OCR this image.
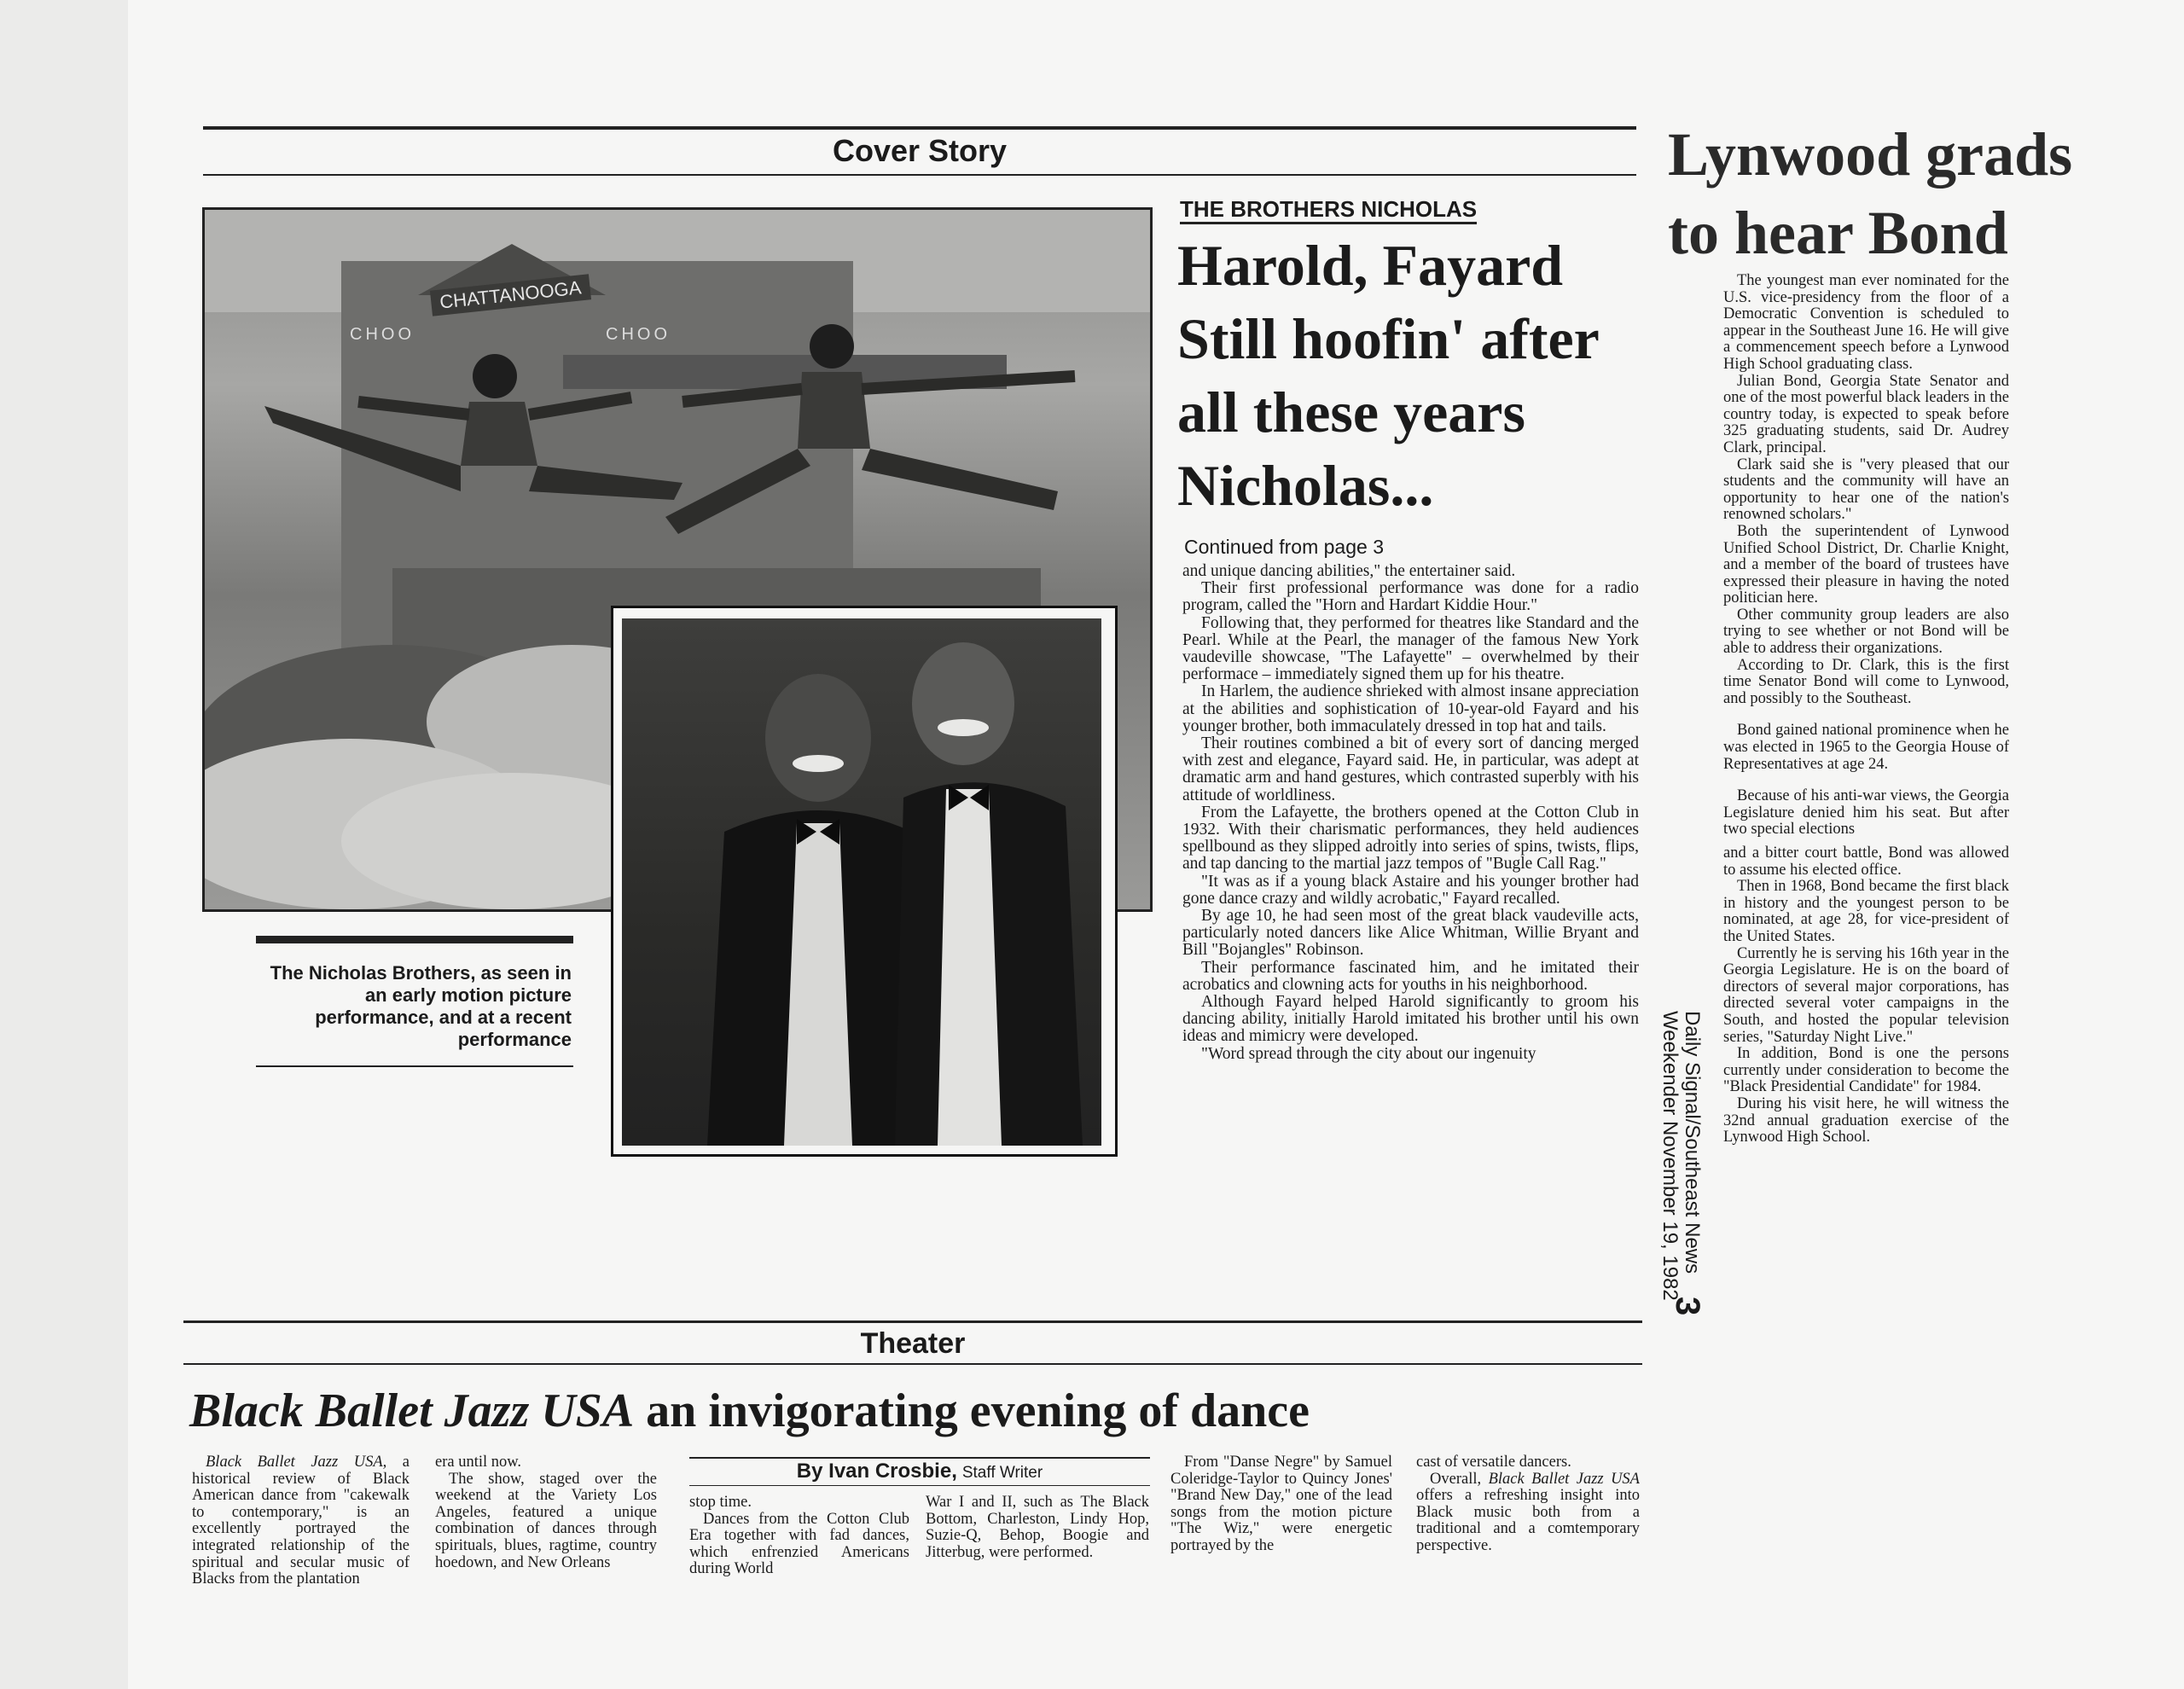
Cover Story
CHATTANOOGA
CHOO	CHOO
The Nicholas Brothers, as seen in an early motion picture performance, and at a recent performance
THE BROTHERS NICHOLAS
Harold, Fayard
Still hoofin' after
all these years
Nicholas...
Continued from page 3

and unique dancing abilities," the entertainer said.

Their first professional performance was done for a radio program, called the "Horn and Hardart Kiddie Hour."

Following that, they performed for theatres like Standard and the Pearl. While at the Pearl, the manager of the famous New York vaudeville showcase, "The Lafayette" – overwhelmed by their performace – immediately signed them up for his theatre.

In Harlem, the audience shrieked with almost insane appreciation at the abilities and sophistication of 10-year-old Fayard and his younger brother, both immaculately dressed in top hat and tails.

Their routines combined a bit of every sort of dancing merged with zest and elegance, Fayard said. He, in particular, was adept at dramatic arm and hand gestures, which contrasted superbly with his attitude of worldliness.

From the Lafayette, the brothers opened at the Cotton Club in 1932. With their charismatic performances, they held audiences spellbound as they slipped adroitly into series of spins, twists, flips, and tap dancing to the martial jazz tempos of "Bugle Call Rag."

"It was as if a young black Astaire and his younger brother had gone dance crazy and wildly acrobatic," Fayard recalled.

By age 10, he had seen most of the great black vaudeville acts, particularly noted dancers like Alice Whitman, Willie Bryant and Bill "Bojangles" Robinson.

Their performance fascinated him, and he imitated their acrobatics and clowning acts for youths in his neighborhood.

Although Fayard helped Harold significantly to groom his dancing ability, initially Harold imitated his brother until his own ideas and mimicry were developed.

"Word spread through the city about our ingenuity	Daily Signal/Southeast News
Weekender November 19, 1982
3
Lynwood grads
to hear Bond

The youngest man ever nominated for the U.S. vice-presidency from the floor of a Democratic Convention is scheduled to appear in the Southeast June 16. He will give a commencement speech before a Lynwood High School graduating class.

Julian Bond, Georgia State Senator and one of the most powerful black leaders in the country today, is expected to speak before 325 graduating students, said Dr. Audrey Clark, principal.

Clark said she is "very pleased that our students and the community will have an opportunity to hear one of the nation's renowned scholars."

Both the superintendent of Lynwood Unified School District, Dr. Charlie Knight, and a member of the board of trustees have expressed their pleasure in having the noted politician here.

Other community group leaders are also trying to see whether or not Bond will be able to address their organizations.

According to Dr. Clark, this is the first time Senator Bond will come to Lynwood, and possibly to the Southeast.

Bond gained national prominence when he was elected in 1965 to the Georgia House of Representatives at age 24.

Because of his anti-war views, the Georgia Legislature denied him his seat. But after two special elections

and a bitter court battle, Bond was allowed to assume his elected office.

Then in 1968, Bond became the first black in history and the youngest person to be nominated, at age 28, for vice-president of the United States.

Currently he is serving his 16th year in the Georgia Legislature. He is on the board of directors of several major corporations, has directed several voter campaigns in the South, and hosted the popular television series, "Saturday Night Live."

In addition, Bond is one the persons currently under consideration to become the "Black Presidential Candidate" for 1984.

During his visit here, he will witness the 32nd annual graduation exercise of the Lynwood High School.

Theater
Black Ballet Jazz USA an invigorating evening of dance

Black Ballet Jazz USA, a historical review of Black American dance from "cakewalk to contemporary," is an excellently portrayed the integrated relationship of the spiritual and secular music of Blacks from the plantation

era until now.

The show, staged over the weekend at the Variety Los Angeles, featured a unique combination of dances through spirituals, blues, ragtime, country hoedown, and New Orleans

By Ivan Crosbie, Staff Writer

stop time.

Dances from the Cotton Club Era together with fad dances, which enfrenzied Americans during World

War I and II, such as The Black Bottom, Charleston, Lindy Hop, Suzie-Q, Behop, Boogie and Jitterbug, were performed.

From "Danse Negre" by Samuel Coleridge-Taylor to Quincy Jones' "Brand New Day," one of the lead songs from the motion picture "The Wiz," were energetic portrayed by the

cast of versatile dancers.

Overall, Black Ballet Jazz USA offers a refreshing insight into Black music both from a traditional and a comtemporary perspective.
